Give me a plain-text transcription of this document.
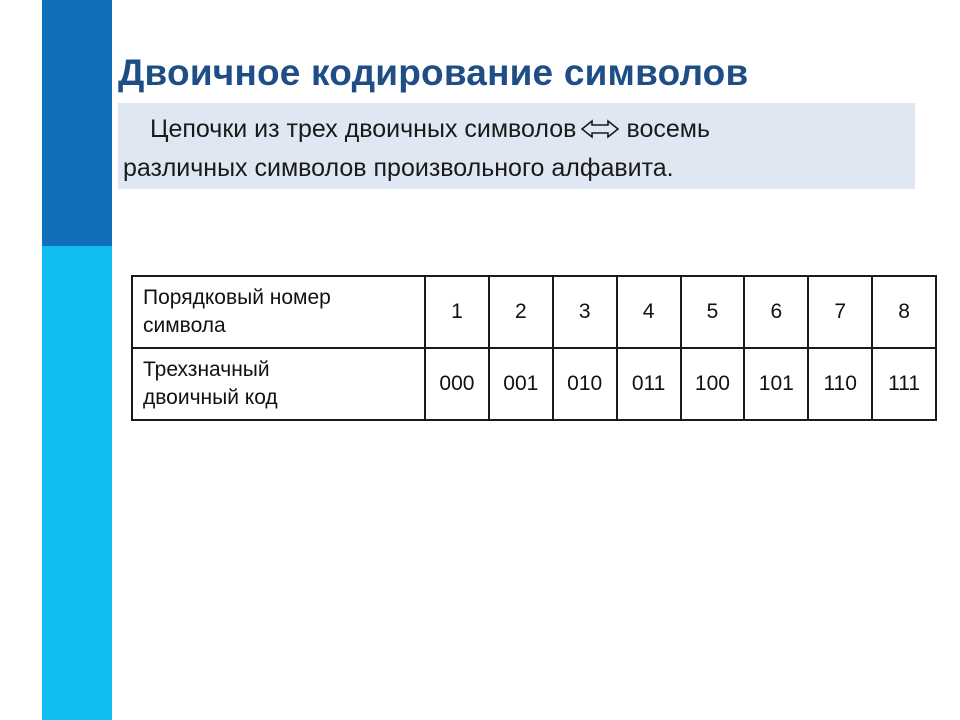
Двоичное кодирование символов
Цепочки из трех двоичных символов восемь
различных символов произвольного алфавита.
Порядковый номер
символа	1	2	3	4	5	6	7	8
Трехзначный
двоичный код	000	001	010	011	100	101	110	111
